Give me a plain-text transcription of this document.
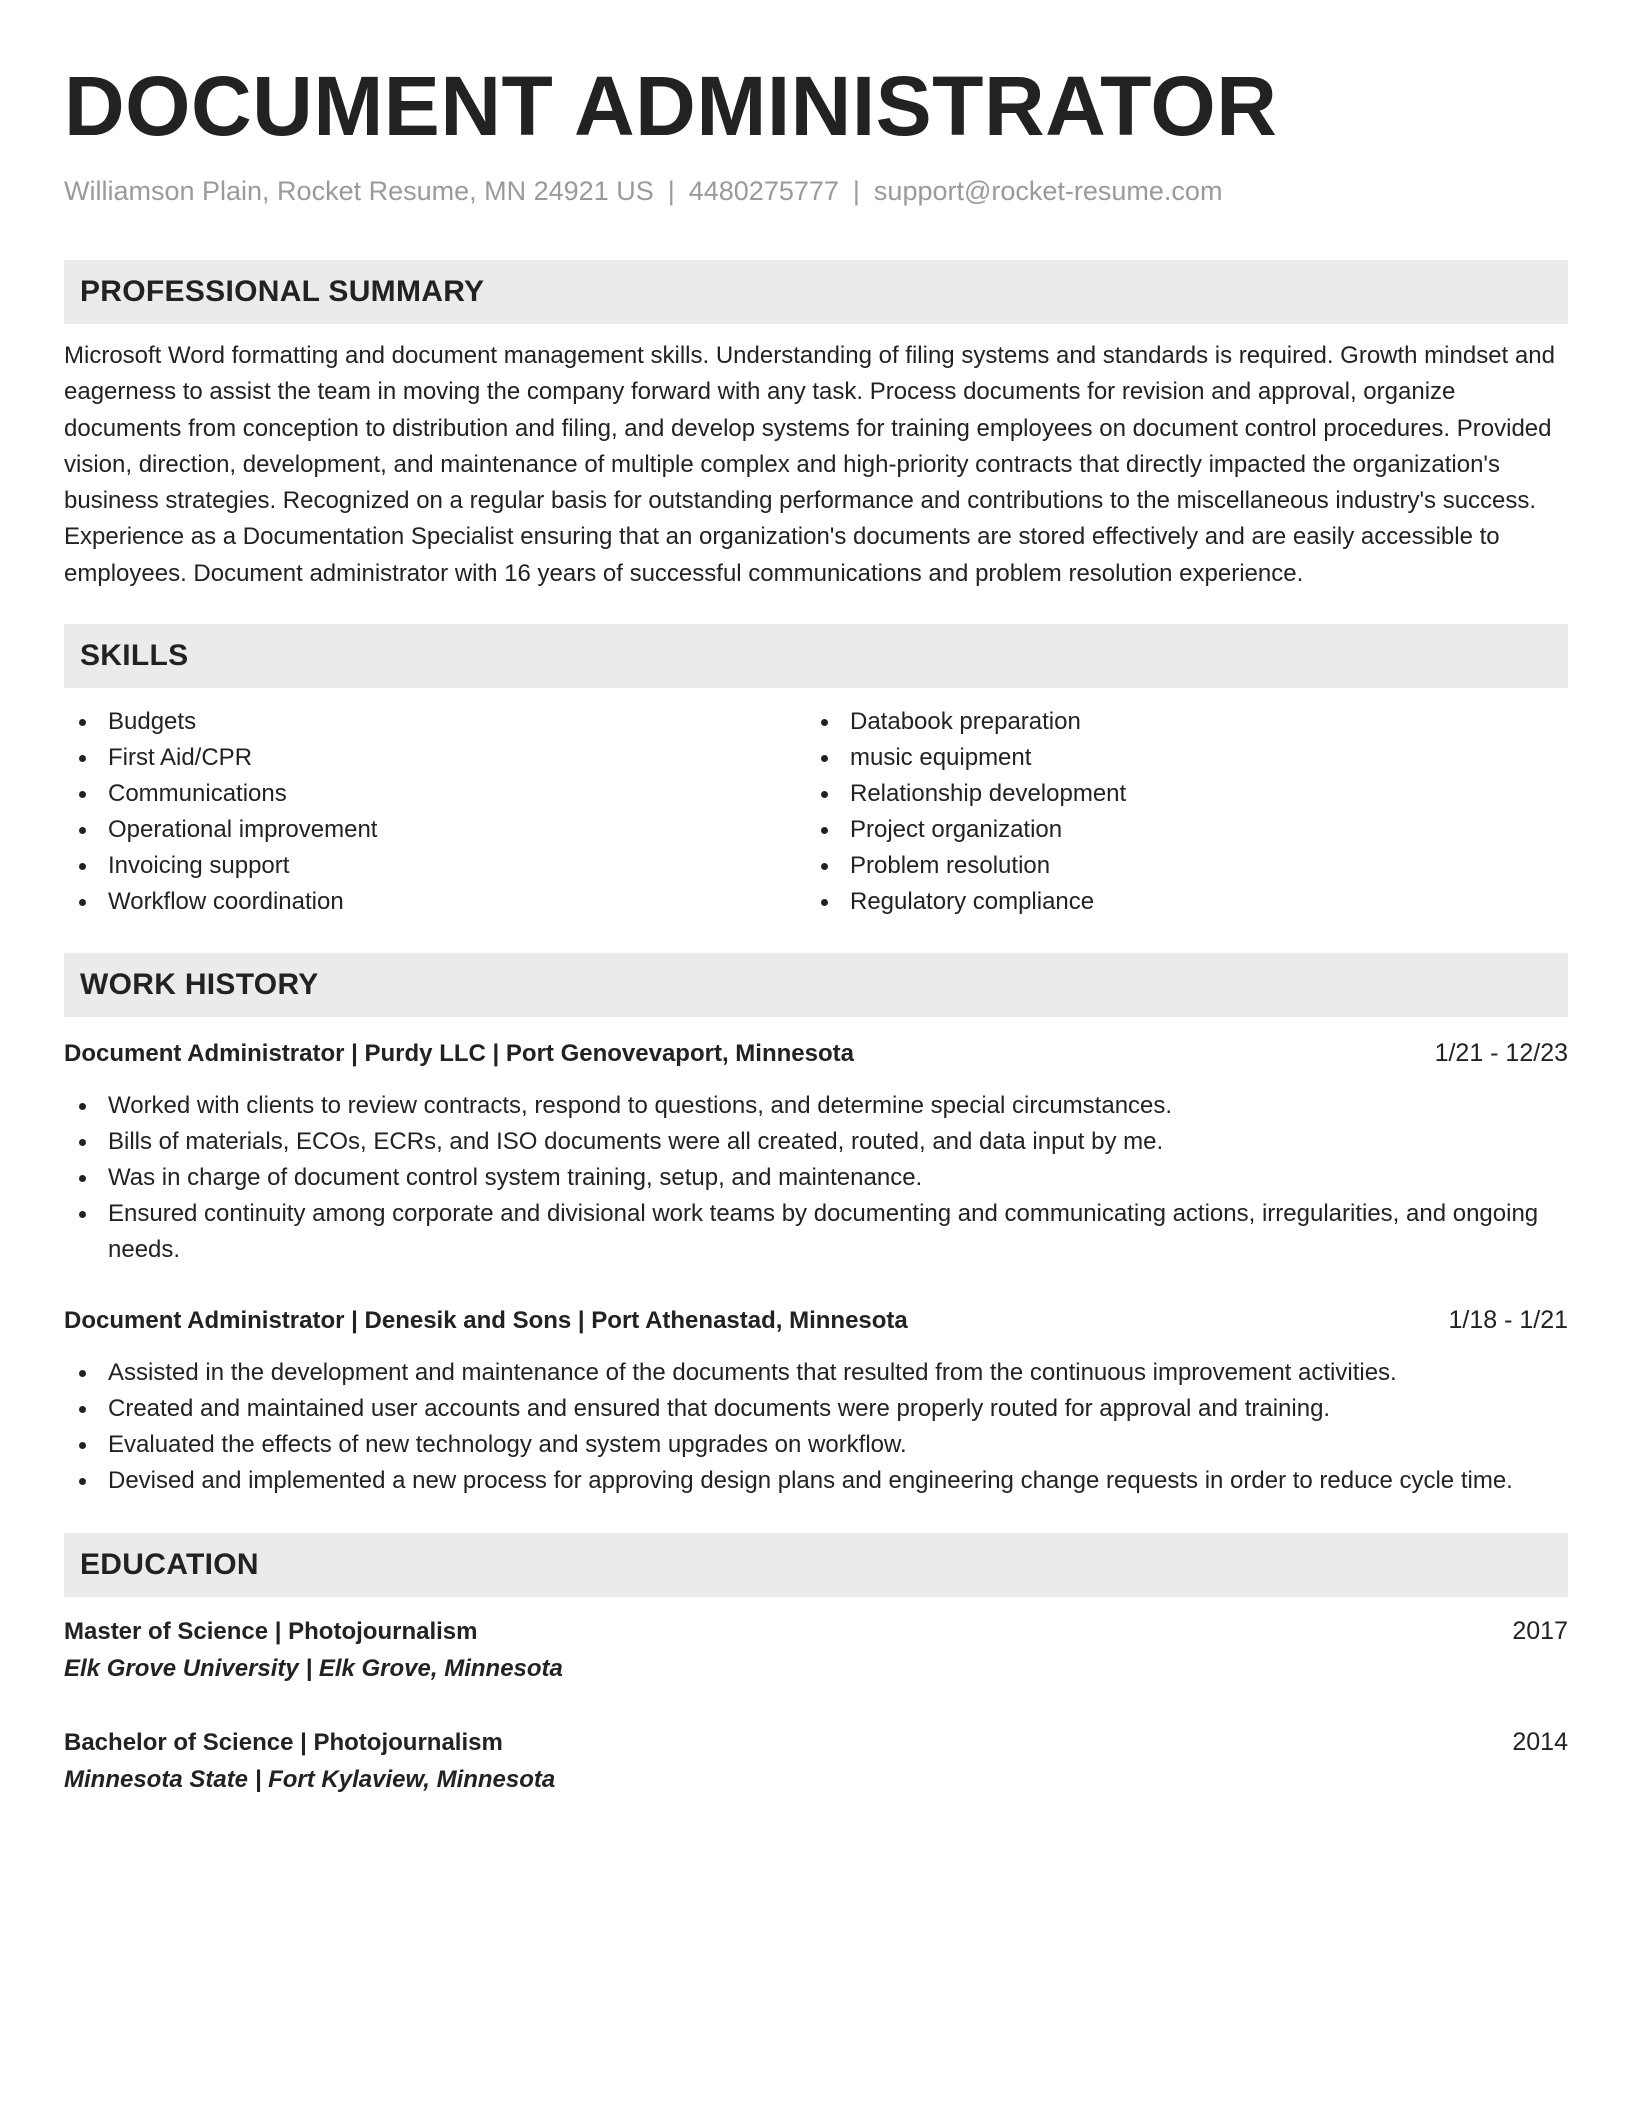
DOCUMENT ADMINISTRATOR
Williamson Plain, Rocket Resume, MN 24921 US | 4480275777 | support@rocket-resume.com
PROFESSIONAL SUMMARY
Microsoft Word formatting and document management skills. Understanding of filing systems and standards is required. Growth mindset and eagerness to assist the team in moving the company forward with any task. Process documents for revision and approval, organize documents from conception to distribution and filing, and develop systems for training employees on document control procedures. Provided vision, direction, development, and maintenance of multiple complex and high-priority contracts that directly impacted the organization's business strategies. Recognized on a regular basis for outstanding performance and contributions to the miscellaneous industry's success. Experience as a Documentation Specialist ensuring that an organization's documents are stored effectively and are easily accessible to employees. Document administrator with 16 years of successful communications and problem resolution experience.
SKILLS
Budgets
First Aid/CPR
Communications
Operational improvement
Invoicing support
Workflow coordination
Databook preparation
music equipment
Relationship development
Project organization
Problem resolution
Regulatory compliance
WORK HISTORY
Document Administrator | Purdy LLC | Port Genovevaport, Minnesota	1/21 - 12/23
Worked with clients to review contracts, respond to questions, and determine special circumstances.
Bills of materials, ECOs, ECRs, and ISO documents were all created, routed, and data input by me.
Was in charge of document control system training, setup, and maintenance.
Ensured continuity among corporate and divisional work teams by documenting and communicating actions, irregularities, and ongoing needs.
Document Administrator | Denesik and Sons | Port Athenastad, Minnesota	1/18 - 1/21
Assisted in the development and maintenance of the documents that resulted from the continuous improvement activities.
Created and maintained user accounts and ensured that documents were properly routed for approval and training.
Evaluated the effects of new technology and system upgrades on workflow.
Devised and implemented a new process for approving design plans and engineering change requests in order to reduce cycle time.
EDUCATION
Master of Science | Photojournalism	2017
Elk Grove University | Elk Grove, Minnesota
Bachelor of Science | Photojournalism	2014
Minnesota State | Fort Kylaview, Minnesota
